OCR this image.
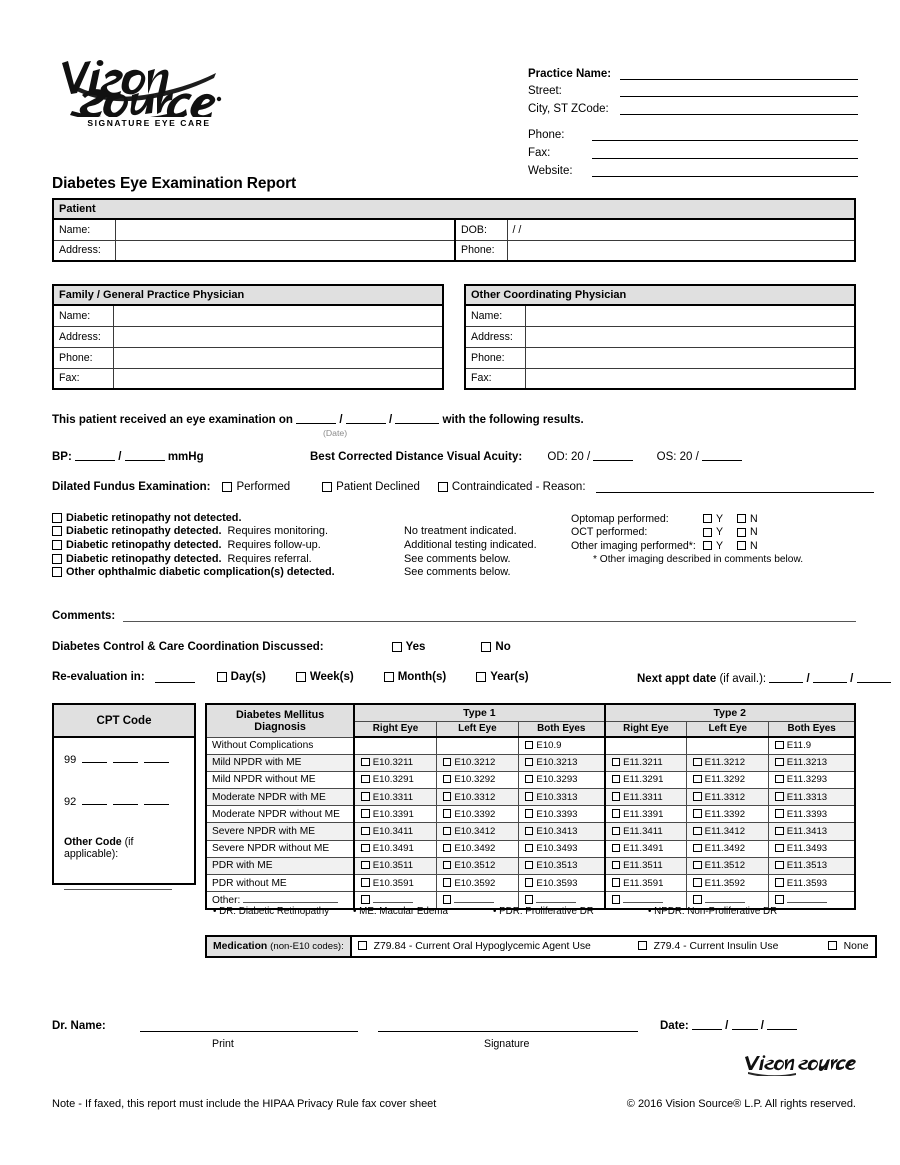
SIGNATURE EYE CARE
Practice Name:
Street:
City, ST ZCode:
Phone:
Fax:
Website:
Diabetes Eye Examination Report
Patient			
Name:		DOB:	/ /
Address:		Phone:	
Family / General Practice Physician	
Name:	
Address:	
Phone:	
Fax:	
Other Coordinating Physician	
Name:	
Address:	
Phone:	
Fax:	
This patient received an eye examination on	/	/	with the following results.
(Date)
BP:	/	mmHg	Best Corrected Distance Visual Acuity: OD: 20 /	OS: 20 /
Dilated Fundus Examination: Performed	Patient Declined	Contraindicated - Reason:
Diabetic retinopathy not detected.
Diabetic retinopathy detected. Requires monitoring.	No treatment indicated.
Diabetic retinopathy detected. Requires follow-up.	Additional testing indicated.
Diabetic retinopathy detected. Requires referral.	See comments below.
Other ophthalmic diabetic complication(s) detected.	See comments below.
Optomap performed:	Y	N
OCT performed:	Y	N
Other imaging performed*:	Y	N
* Other imaging described in comments below.
Comments:
Diabetes Control & Care Coordination Discussed:	Yes	No
Re-evaluation in:	Day(s)	Week(s)	Month(s)	Year(s)	Next appt date (if avail.):	/	/
CPT Code
99
92
Other Code (if applicable):
Diabetes Mellitus
Diagnosis	Type 1			Type 2		
	Right Eye	Left Eye	Both Eyes	Right Eye	Left Eye	Both Eyes
Without Complications			E10.9			E11.9
Mild NPDR with ME	E10.3211	E10.3212	E10.3213	E11.3211	E11.3212	E11.3213
Mild NPDR without ME	E10.3291	E10.3292	E10.3293	E11.3291	E11.3292	E11.3293
Moderate NPDR with ME	E10.3311	E10.3312	E10.3313	E11.3311	E11.3312	E11.3313
Moderate NPDR without ME	E10.3391	E10.3392	E10.3393	E11.3391	E11.3392	E11.3393
Severe NPDR with ME	E10.3411	E10.3412	E10.3413	E11.3411	E11.3412	E11.3413
Severe NPDR without ME	E10.3491	E10.3492	E10.3493	E11.3491	E11.3492	E11.3493
PDR with ME	E10.3511	E10.3512	E10.3513	E11.3511	E11.3512	E11.3513
PDR without ME	E10.3591	E10.3592	E10.3593	E11.3591	E11.3592	E11.3593
Other:						
• DR: Diabetic Retinopathy	• ME: Macular Edema	• PDR: Proliferative DR	• NPDR: Non-Proliferative DR
Medication (non-E10 codes):	Z79.84 - Current Oral Hypoglycemic Agent Use	Z79.4 - Current Insulin Use	None
Dr. Name:	Date:	/  /
Print	Signature
Note - If faxed, this report must include the HIPAA Privacy Rule fax cover sheet	© 2016 Vision Source® L.P. All rights reserved.
